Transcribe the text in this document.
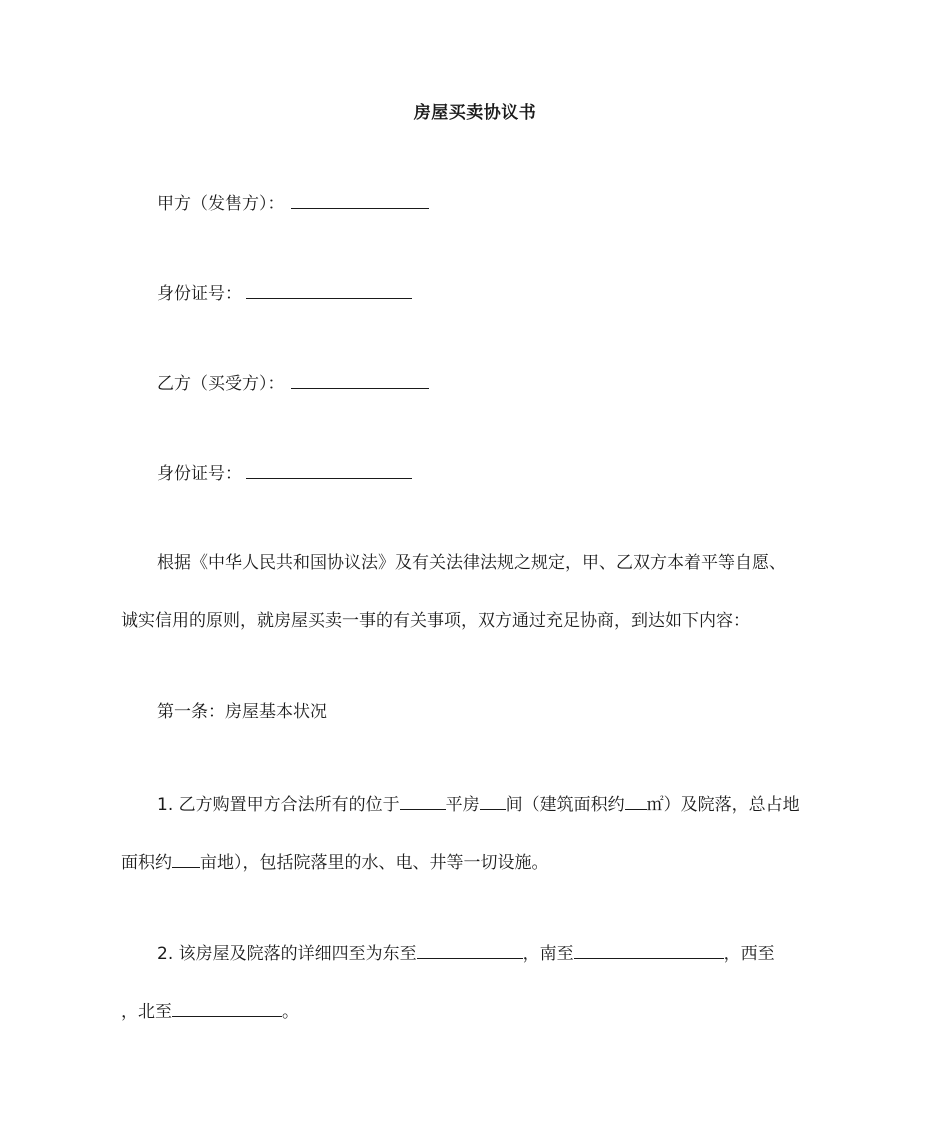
房屋买卖协议书
甲方（发售方）：
身份证号：
乙方（买受方）：
身份证号：
根据《中华人民共和国协议法》及有关法律法规之规定，甲、乙双方本着平等自愿、
诚实信用的原则，就房屋买卖一事的有关事项，双方通过充足协商，到达如下内容：
第一条：房屋基本状况
1. 乙方购置甲方合法所有的位于	平房 间（建筑面积约 ㎡）及院落，总占地
面积约 亩地），包括院落里的水、电、井等一切设施。
2. 该房屋及院落的详细四至为东至	，南至	，西至
，北至	。
